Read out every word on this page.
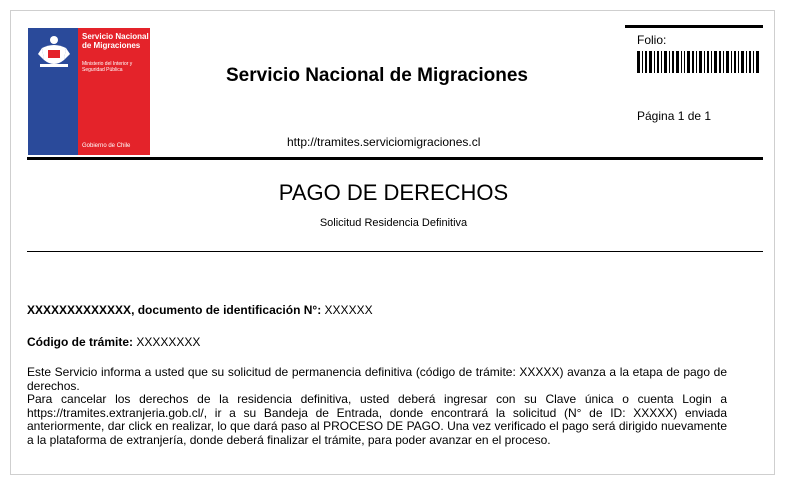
Servicio Nacional de Migraciones
Ministerio del Interior y Seguridad Pública
Gobierno de Chile
Servicio Nacional de Migraciones
http://tramites.serviciomigraciones.cl
Folio:
Página 1 de 1
PAGO DE DERECHOS
Solicitud Residencia Definitiva
XXXXXXXXXXXXX, documento de identificación N°: XXXXXX
Código de trámite: XXXXXXXX

Este Servicio informa a usted que su solicitud de permanencia definitiva (código de trámite: XXXXX) avanza a la etapa de pago de derechos.

Para cancelar los derechos de la residencia definitiva, usted deberá ingresar con su Clave única o cuenta Login a https://tramites.extranjeria.gob.cl/, ir a su Bandeja de Entrada, donde encontrará la solicitud (N° de ID: XXXXX) enviada anteriormente, dar click en realizar, lo que dará paso al PROCESO DE PAGO. Una vez verificado el pago será dirigido nuevamente a la plataforma de extranjería, donde deberá finalizar el trámite, para poder avanzar en el proceso.
